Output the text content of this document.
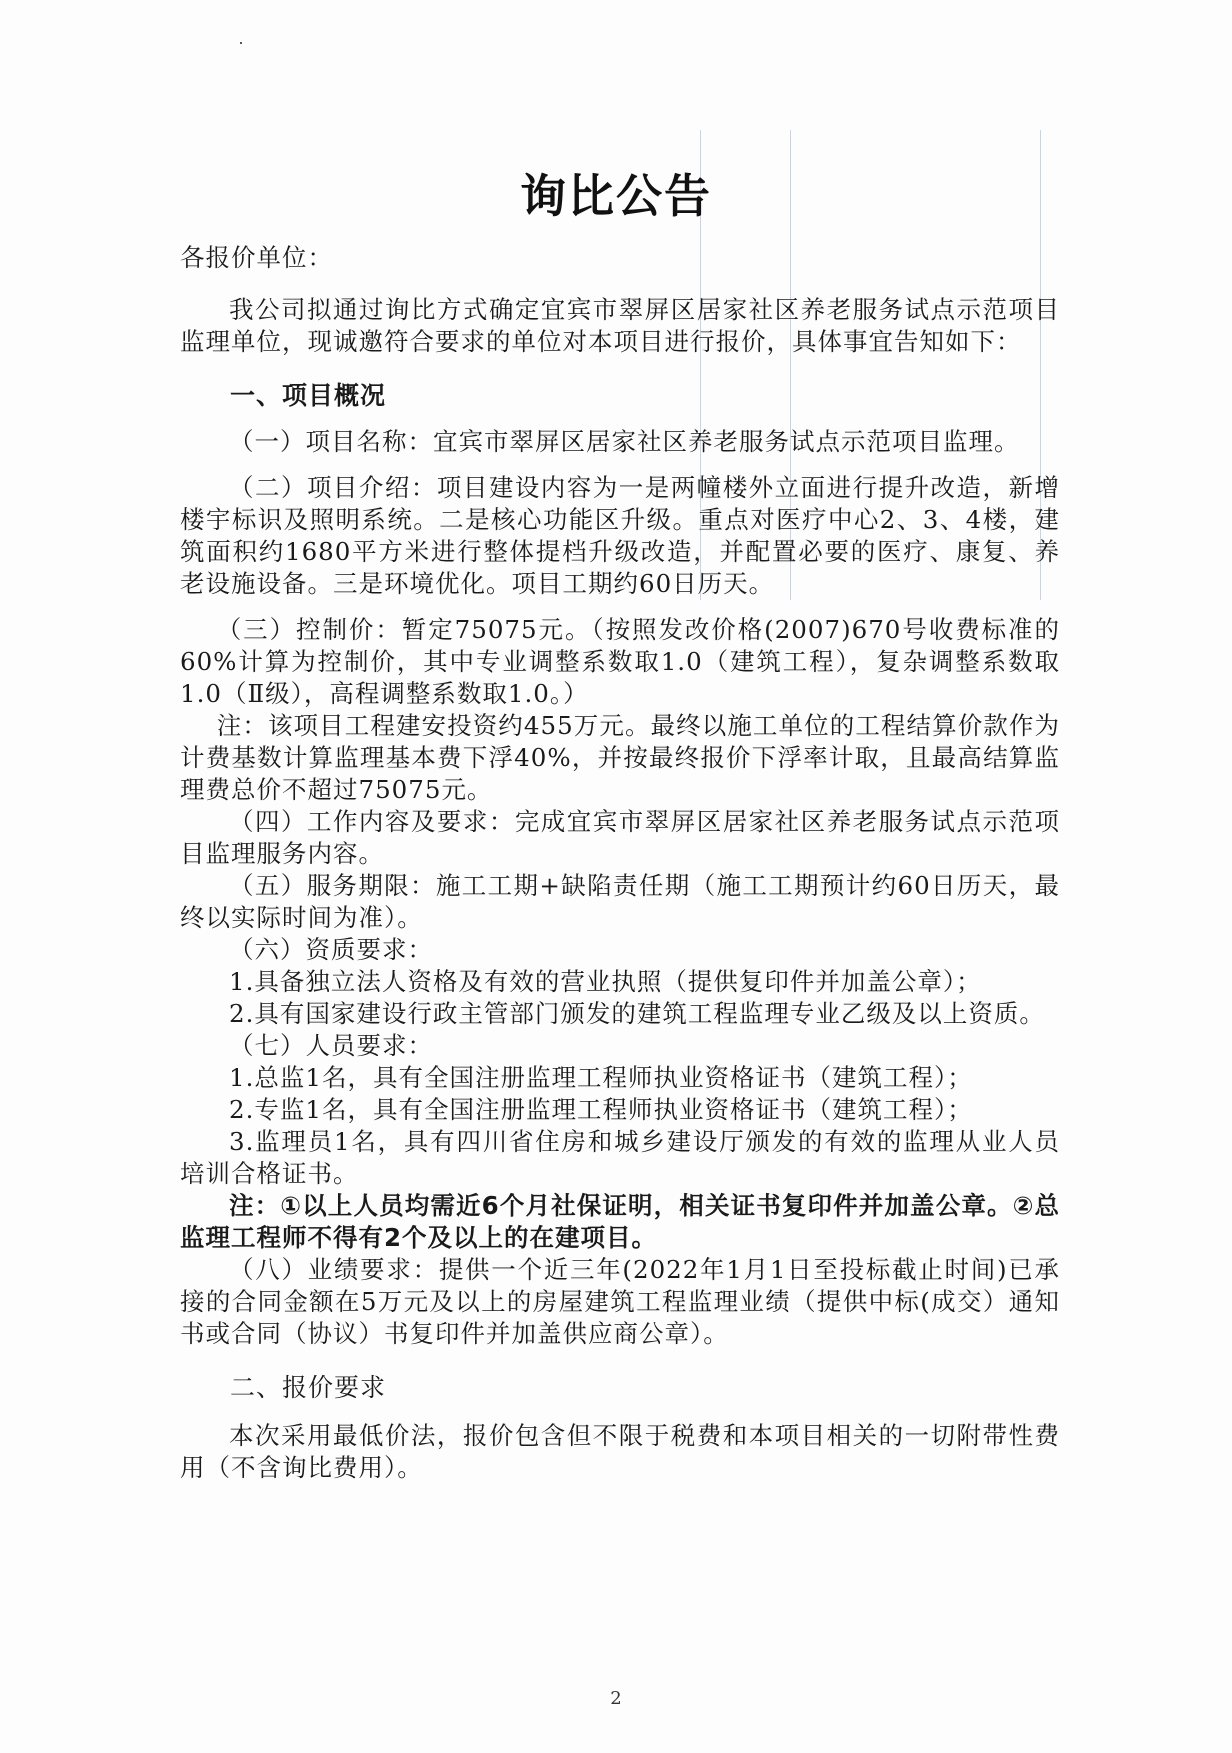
询比公告

各报价单位：

我公司拟通过询比方式确定宜宾市翠屏区居家社区养老服务试点示范项目监理单位，现诚邀符合要求的单位对本项目进行报价，具体事宜告知如下：

一、项目概况

（一）项目名称：宜宾市翠屏区居家社区养老服务试点示范项目监理。

（二）项目介绍：项目建设内容为一是两幢楼外立面进行提升改造，新增楼宇标识及照明系统。二是核心功能区升级。重点对医疗中心2、3、4楼，建筑面积约1680平方米进行整体提档升级改造，并配置必要的医疗、康复、养老设施设备。三是环境优化。项目工期约60日历天。

（三）控制价：暂定75075元。（按照发改价格(2007)670号收费标准的60%计算为控制价，其中专业调整系数取1.0（建筑工程），复杂调整系数取1.0（Ⅱ级），高程调整系数取1.0。）

注：该项目工程建安投资约455万元。最终以施工单位的工程结算价款作为计费基数计算监理基本费下浮40%，并按最终报价下浮率计取，且最高结算监理费总价不超过75075元。

（四）工作内容及要求：完成宜宾市翠屏区居家社区养老服务试点示范项目监理服务内容。

（五）服务期限：施工工期+缺陷责任期（施工工期预计约60日历天，最终以实际时间为准）。

（六）资质要求：

1.具备独立法人资格及有效的营业执照（提供复印件并加盖公章）；

2.具有国家建设行政主管部门颁发的建筑工程监理专业乙级及以上资质。

（七）人员要求：

1.总监1名，具有全国注册监理工程师执业资格证书（建筑工程）；

2.专监1名，具有全国注册监理工程师执业资格证书（建筑工程）；

3.监理员1名，具有四川省住房和城乡建设厅颁发的有效的监理从业人员培训合格证书。

注：①以上人员均需近6个月社保证明，相关证书复印件并加盖公章。②总监理工程师不得有2个及以上的在建项目。

（八）业绩要求：提供一个近三年(2022年1月1日至投标截止时间)已承接的合同金额在5万元及以上的房屋建筑工程监理业绩（提供中标(成交）通知书或合同（协议）书复印件并加盖供应商公章）。

二、报价要求

本次采用最低价法，报价包含但不限于税费和本项目相关的一切附带性费用（不含询比费用）。

2
